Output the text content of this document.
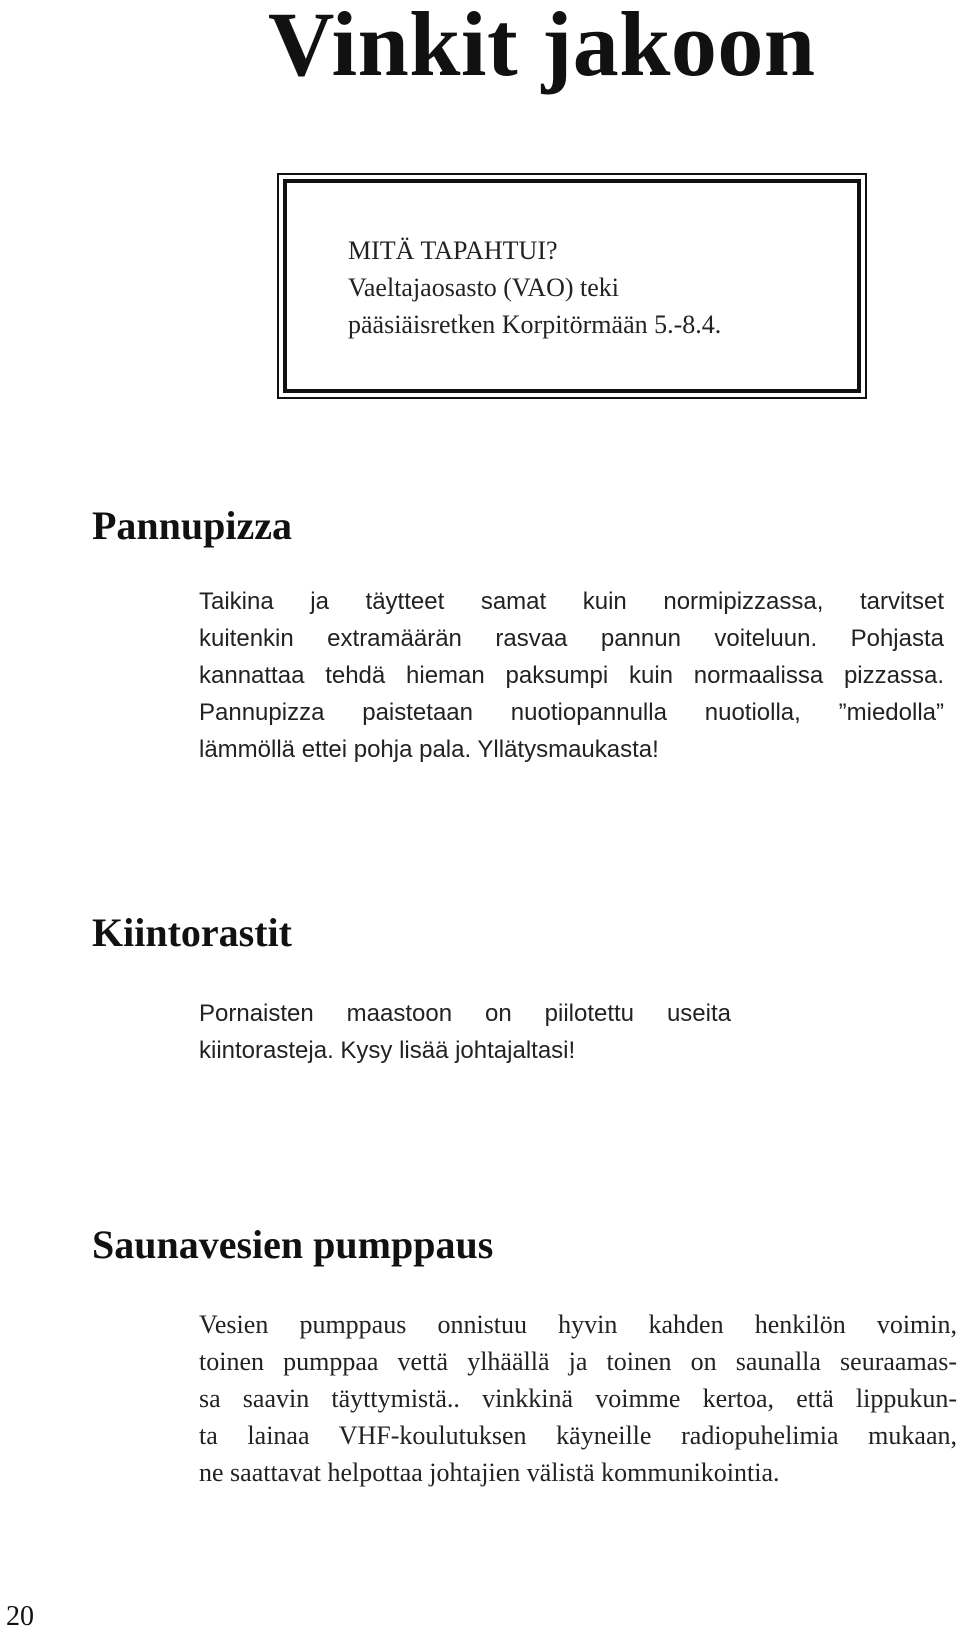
Vinkit jakoon
MITÄ TAPAHTUI?
Vaeltajaosasto (VAO) teki
pääsiäisretken Korpitörmään 5.-8.4.
Pannupizza
Taikina ja täytteet samat kuin normipizzassa, tarvitset
kuitenkin extramäärän rasvaa pannun voiteluun. Pohjasta
kannattaa tehdä hieman paksumpi kuin normaalissa pizzassa.
Pannupizza paistetaan nuotiopannulla nuotiolla, ”miedolla”
lämmöllä ettei pohja pala. Yllätysmaukasta!
Kiintorastit
Pornaisten maastoon on piilotettu useita
kiintorasteja. Kysy lisää johtajaltasi!
Saunavesien pumppaus
Vesien pumppaus onnistuu hyvin kahden henkilön voimin,
toinen pumppaa vettä ylhäällä ja toinen on saunalla seuraamas-
sa saavin täyttymistä.. vinkkinä voimme kertoa, että lippukun-
ta lainaa VHF-koulutuksen käyneille radiopuhelimia mukaan,
ne saattavat helpottaa johtajien välistä kommunikointia.
20
